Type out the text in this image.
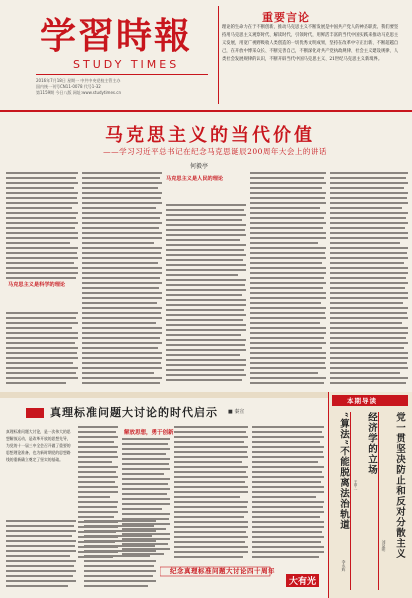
学習時報
STUDY TIMES
2016年7月18日 星期一 中共中央党校主管主办
国内统一刊号CN11-0078 代号1-32
第1159期 今日八版 网址:www.studytimes.cn
重要言论
理论的生命力在于不断创新，推动马克思主义不断发展是中国共产党人的神圣职责。我们要坚持用马克思主义观察时代、解读时代、引领时代，用鲜活丰富的当代中国实践来推动马克思主义发展，用宽广视野吸收人类创造的一切优秀文明成果，坚持在改革中守正出新、不断超越自己，在开放中博采众长、不断完善自己，不断深化对共产党执政规律、社会主义建设规律、人类社会发展规律的认识，不断开辟当代中国马克思主义、21世纪马克思主义新境界。
马克思主义的当代价值
——学习习近平总书记在纪念马克思诞辰200周年大会上的讲话
何毅亭
马克思主义是科学的理论
马克思主义是人民的理论
真理标准问题大讨论的时代启示 ■ 秦宣
真理标准问题大讨论，是一次伟大的思想解放运动，是改革开放的思想先导，为党的十一届三中全会召开做了重要的思想理论准备，也为新时期党的思想路线的重新确立奠定了坚实的基础。
解放思想，勇于创新
纪念真理标准问题大讨论四十周年
大有光
本期导读
党一贯坚决防止和反对分散主义
刘益明
经济学的立场
王甲一
“算法”不能脱离法治轨道
李永辉
